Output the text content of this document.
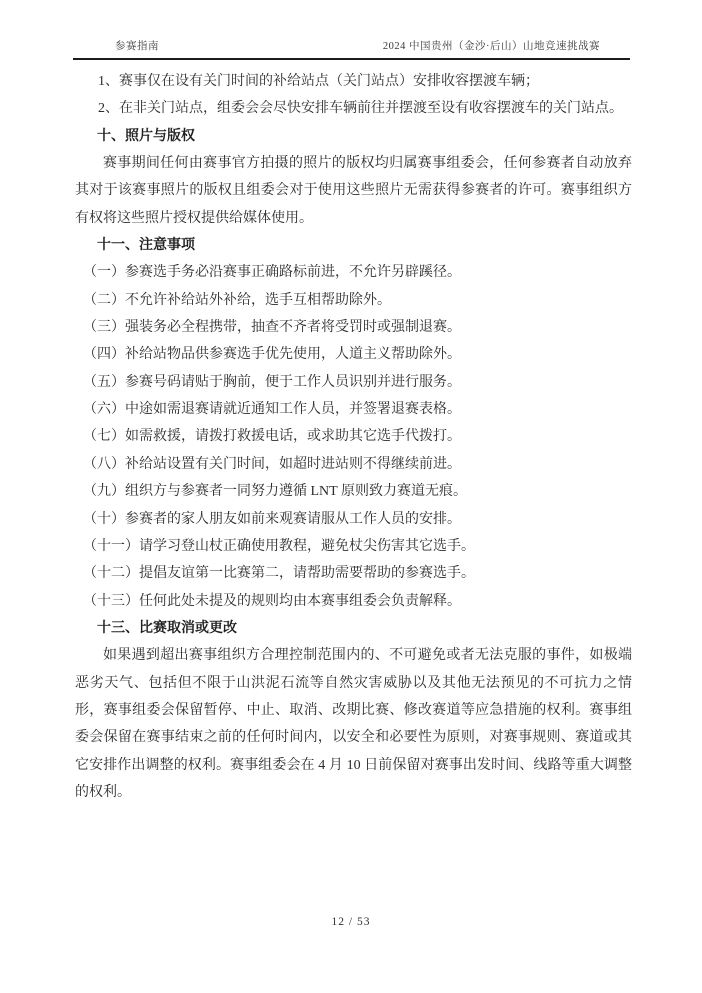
参赛指南	2024 中国贵州（金沙·后山）山地竞速挑战赛
1、赛事仅在设有关门时间的补给站点（关门站点）安排收容摆渡车辆；
2、在非关门站点，组委会会尽快安排车辆前往并摆渡至设有收容摆渡车的关门站点。
十、照片与版权
赛事期间任何由赛事官方拍摄的照片的版权均归属赛事组委会，任何参赛者自动放弃其对于该赛事照片的版权且组委会对于使用这些照片无需获得参赛者的许可。赛事组织方有权将这些照片授权提供给媒体使用。
十一、注意事项
（一）参赛选手务必沿赛事正确路标前进，不允许另辟蹊径。
（二）不允许补给站外补给，选手互相帮助除外。
（三）强装务必全程携带，抽查不齐者将受罚时或强制退赛。
（四）补给站物品供参赛选手优先使用，人道主义帮助除外。
（五）参赛号码请贴于胸前，便于工作人员识别并进行服务。
（六）中途如需退赛请就近通知工作人员，并签署退赛表格。
（七）如需救援，请拨打救援电话，或求助其它选手代拨打。
（八）补给站设置有关门时间，如超时进站则不得继续前进。
（九）组织方与参赛者一同努力遵循 LNT 原则致力赛道无痕。
（十）参赛者的家人朋友如前来观赛请服从工作人员的安排。
（十一）请学习登山杖正确使用教程，避免杖尖伤害其它选手。
（十二）提倡友谊第一比赛第二，请帮助需要帮助的参赛选手。
（十三）任何此处未提及的规则均由本赛事组委会负责解释。
十三、比赛取消或更改
如果遇到超出赛事组织方合理控制范围内的、不可避免或者无法克服的事件，如极端恶劣天气、包括但不限于山洪泥石流等自然灾害威胁以及其他无法预见的不可抗力之情形，赛事组委会保留暂停、中止、取消、改期比赛、修改赛道等应急措施的权利。赛事组委会保留在赛事结束之前的任何时间内，以安全和必要性为原则，对赛事规则、赛道或其它安排作出调整的权利。赛事组委会在 4 月 10 日前保留对赛事出发时间、线路等重大调整的权利。
12 / 53
